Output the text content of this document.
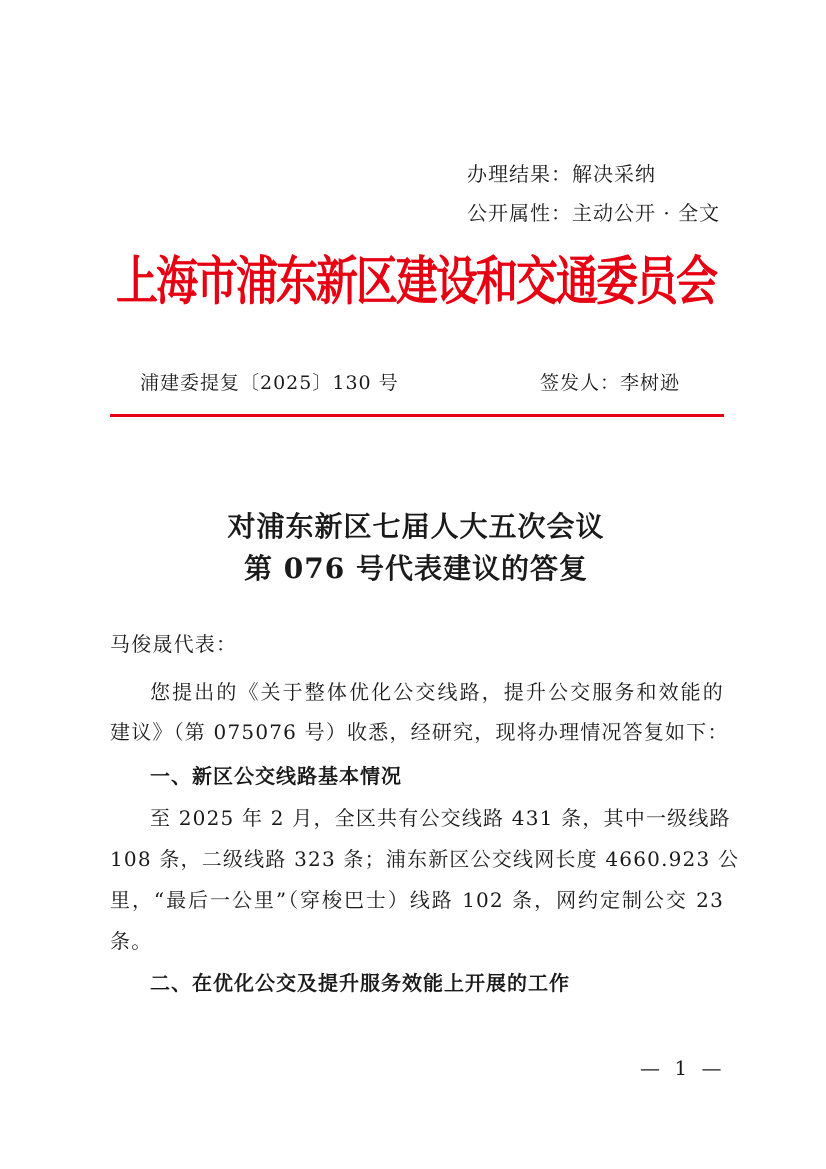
办理结果：解决采纳
公开属性：主动公开 · 全文
上海市浦东新区建设和交通委员会
浦建委提复〔2025〕130 号	签发人：李树逊
对浦东新区七届人大五次会议
第 076 号代表建议的答复
马俊晟代表：
您提出的《关于整体优化公交线路，提升公交服务和效能的
建议》（第 075076 号）收悉，经研究，现将办理情况答复如下：
一、新区公交线路基本情况
至 2025 年 2 月，全区共有公交线路 431 条，其中一级线路
108 条，二级线路 323 条；浦东新区公交线网长度 4660.923 公
里，“最后一公里”（穿梭巴士）线路 102 条，网约定制公交 23
条。
二、在优化公交及提升服务效能上开展的工作
— 1 —
